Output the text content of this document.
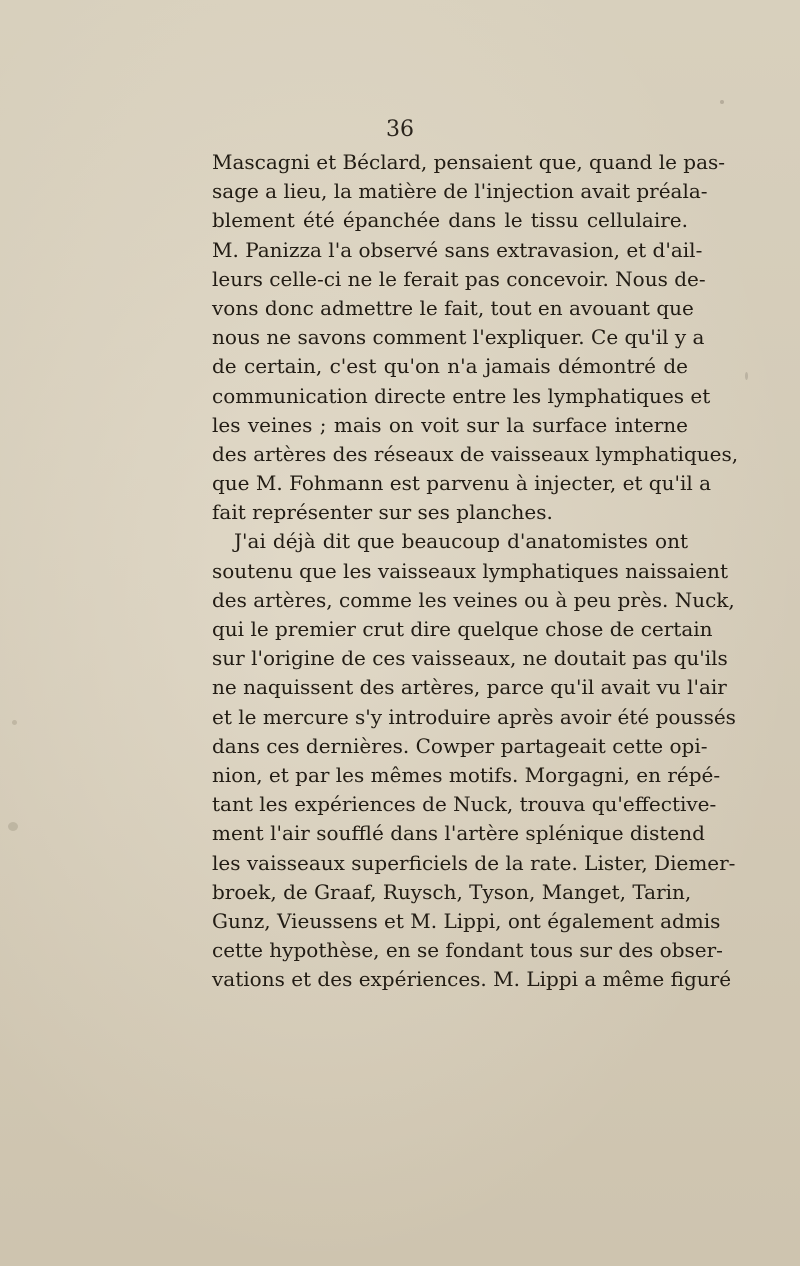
36
Mascagni et Béclard, pensaient que, quand le pas-
sage a lieu, la matière de l'injection avait préala-
blement été épanchée dans le tissu cellulaire.
M. Panizza l'a observé sans extravasion, et d'ail-
leurs celle-ci ne le ferait pas concevoir. Nous de-
vons donc admettre le fait, tout en avouant que
nous ne savons comment l'expliquer. Ce qu'il y a
de certain, c'est qu'on n'a jamais démontré de
communication directe entre les lymphatiques et
les veines ; mais on voit sur la surface interne
des artères des réseaux de vaisseaux lymphatiques,
que M. Fohmann est parvenu à injecter, et qu'il a
fait représenter sur ses planches.
J'ai déjà dit que beaucoup d'anatomistes ont
soutenu que les vaisseaux lymphatiques naissaient
des artères, comme les veines ou à peu près. Nuck,
qui le premier crut dire quelque chose de certain
sur l'origine de ces vaisseaux, ne doutait pas qu'ils
ne naquissent des artères, parce qu'il avait vu l'air
et le mercure s'y introduire après avoir été poussés
dans ces dernières. Cowper partageait cette opi-
nion, et par les mêmes motifs. Morgagni, en répé-
tant les expériences de Nuck, trouva qu'effective-
ment l'air soufflé dans l'artère splénique distend
les vaisseaux superficiels de la rate. Lister, Diemer-
broek, de Graaf, Ruysch, Tyson, Manget, Tarin,
Gunz, Vieussens et M. Lippi, ont également admis
cette hypothèse, en se fondant tous sur des obser-
vations et des expériences. M. Lippi a même figuré
